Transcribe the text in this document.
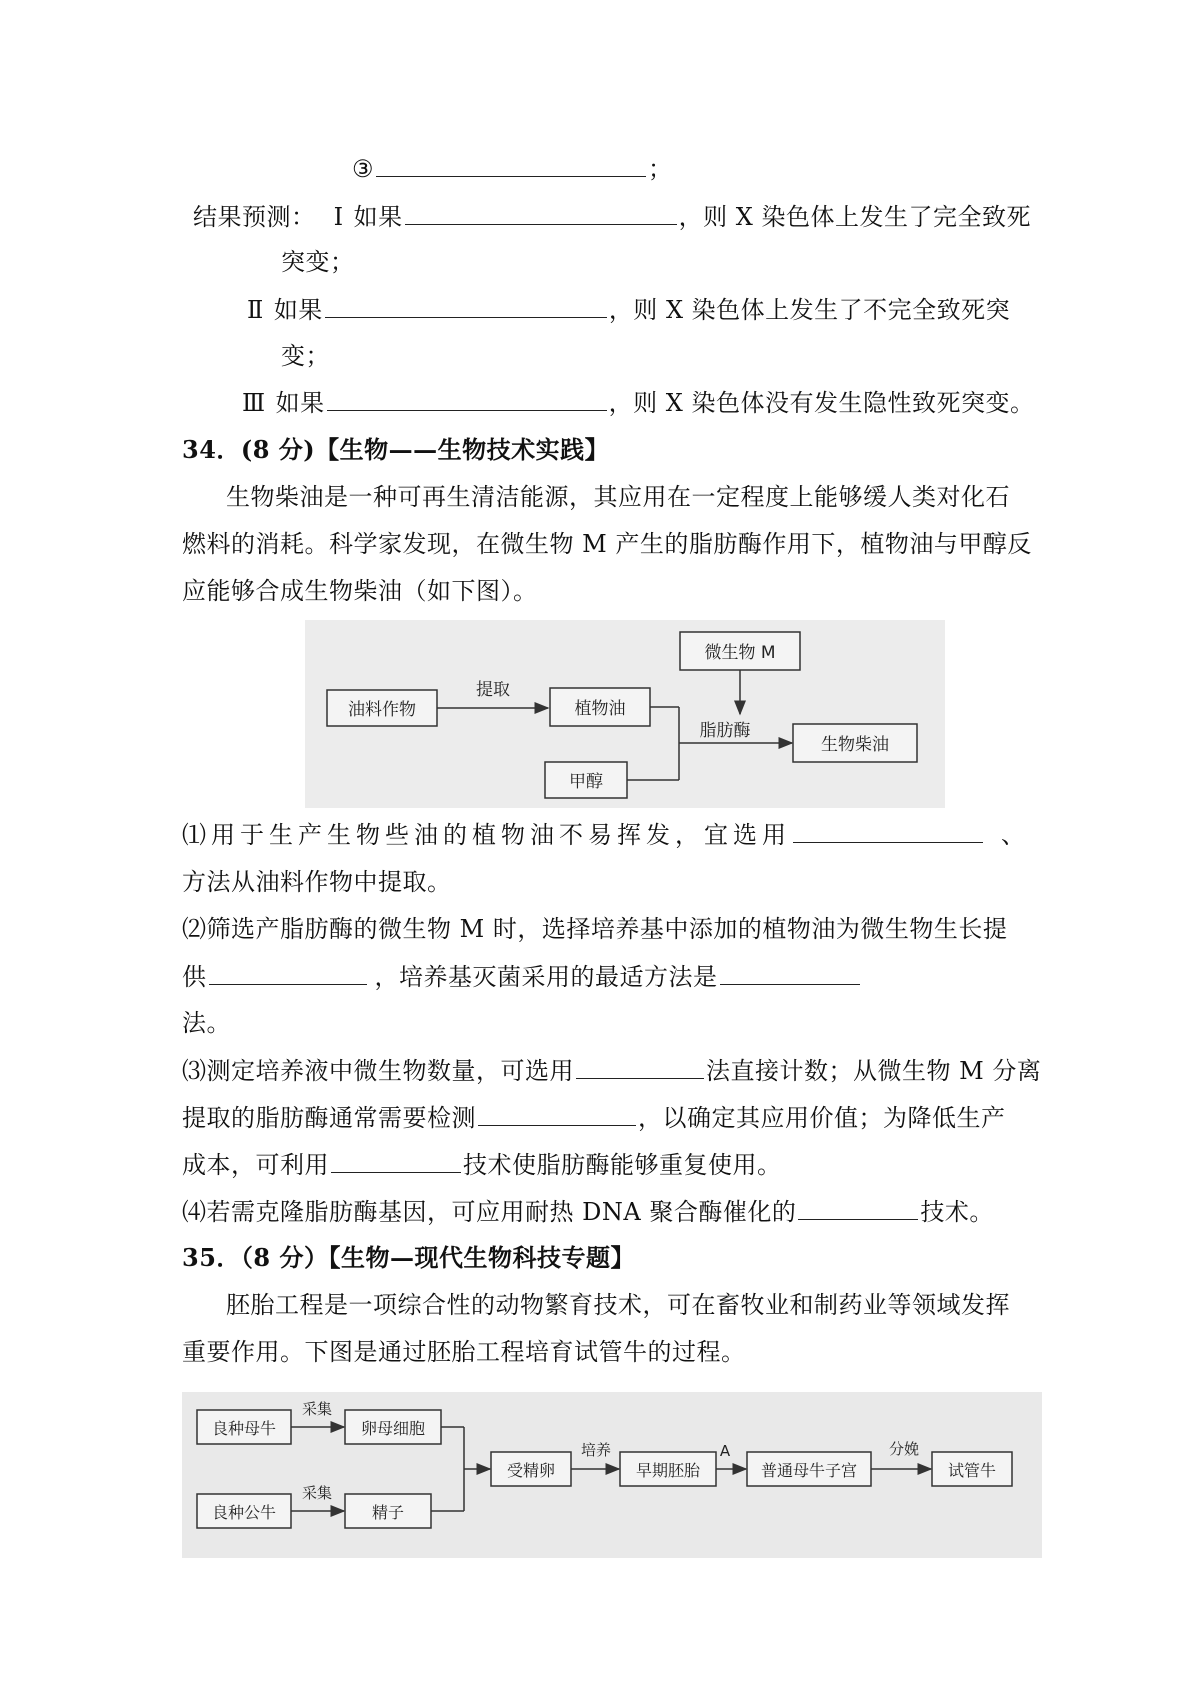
③	；
结果预测： Ⅰ 如果	，则 X 染色体上发生了完全致死
突变；
Ⅱ 如果	，则 X 染色体上发生了不完全致死突
变；
Ⅲ 如果	，则 X 染色体没有发生隐性致死突变。
34．(8 分)【生物——生物技术实践】
生物柴油是一种可再生清洁能源，其应用在一定程度上能够缓人类对化石
燃料的消耗。科学家发现，在微生物 M 产生的脂肪酶作用下，植物油与甲醇反
应能够合成生物柴油（如下图）。
微生物 M
油料作物
提取
植物油
甲醇
脂肪酶
生物柴油
⑴用于生产生物些油的植物油不易挥发，宜选用	、
方法从油料作物中提取。
⑵筛选产脂肪酶的微生物 M 时，选择培养基中添加的植物油为微生物生长提
供	，培养基灭菌采用的最适方法是
法。
⑶测定培养液中微生物数量，可选用	法直接计数；从微生物 M 分离
提取的脂肪酶通常需要检测	，以确定其应用价值；为降低生产
成本，可利用	技术使脂肪酶能够重复使用。
⑷若需克隆脂肪酶基因，可应用耐热 DNA 聚合酶催化的	技术。
35．（8 分）【生物—现代生物科技专题】
胚胎工程是一项综合性的动物繁育技术，可在畜牧业和制药业等领域发挥
重要作用。下图是通过胚胎工程培育试管牛的过程。
良种母牛
采集
卵母细胞
良种公牛
采集
精子
受精卵
培养
早期胚胎
A
普通母牛子宫
分娩
试管牛
